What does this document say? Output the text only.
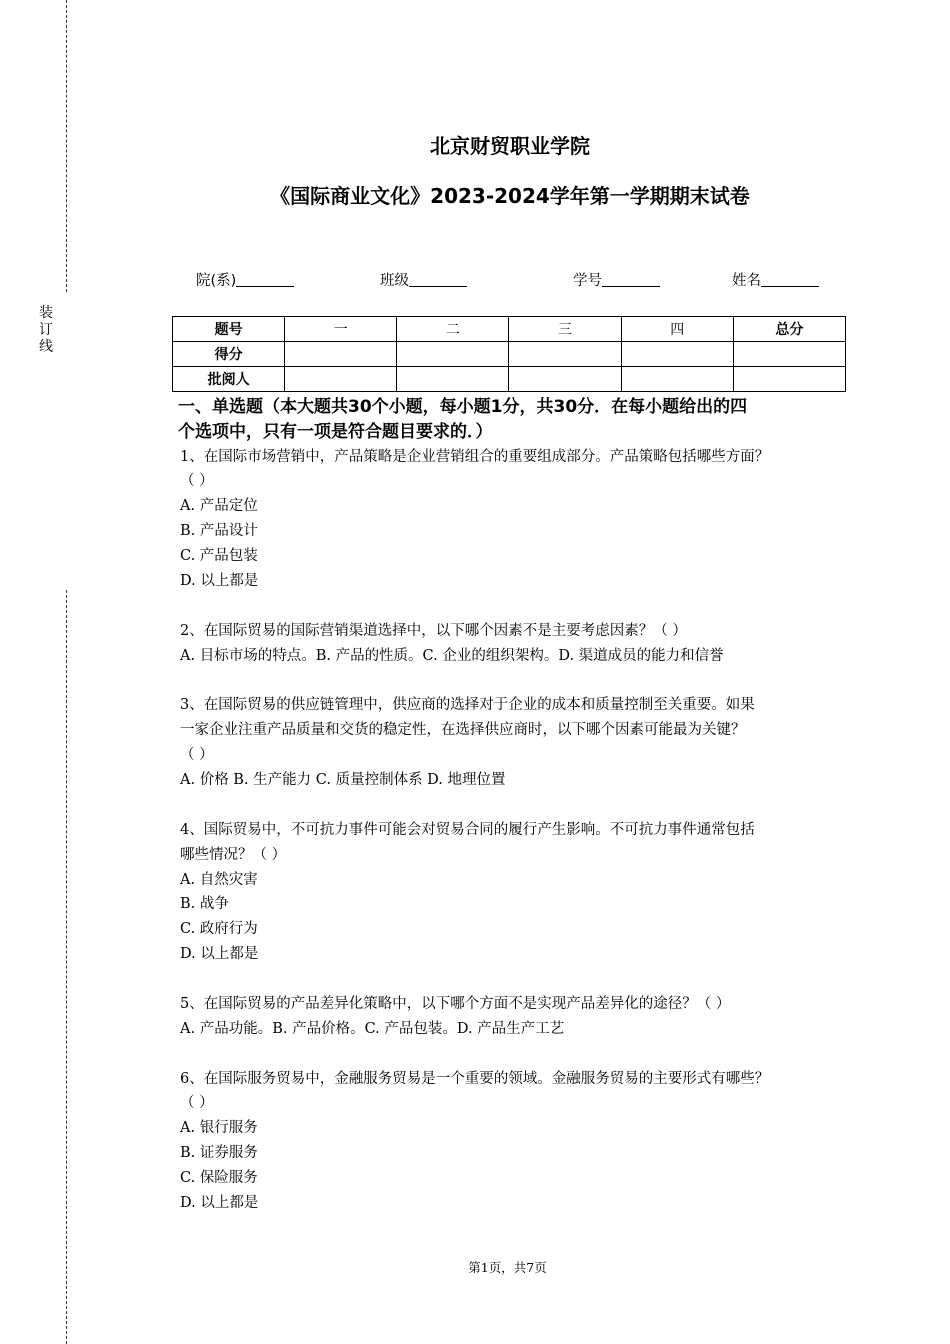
装
订
线
北京财贸职业学院
《国际商业文化》2023-2024学年第一学期期末试卷
院(系)	班级	学号	姓名
题号	一	二	三	四	总分
得分					
批阅人					
一、单选题（本大题共30个小题，每小题1分，共30分．在每小题给出的四
个选项中，只有一项是符合题目要求的．）
1、在国际市场营销中，产品策略是企业营销组合的重要组成部分。产品策略包括哪些方面？
（ ）
A. 产品定位
B. 产品设计
C. 产品包装
D. 以上都是
2、在国际贸易的国际营销渠道选择中，以下哪个因素不是主要考虑因素？（ ）
A. 目标市场的特点。B. 产品的性质。C. 企业的组织架构。D. 渠道成员的能力和信誉
3、在国际贸易的供应链管理中，供应商的选择对于企业的成本和质量控制至关重要。如果
一家企业注重产品质量和交货的稳定性，在选择供应商时，以下哪个因素可能最为关键？
（ ）
A. 价格 B. 生产能力 C. 质量控制体系 D. 地理位置
4、国际贸易中，不可抗力事件可能会对贸易合同的履行产生影响。不可抗力事件通常包括
哪些情况？（ ）
A. 自然灾害
B. 战争
C. 政府行为
D. 以上都是
5、在国际贸易的产品差异化策略中，以下哪个方面不是实现产品差异化的途径？（ ）
A. 产品功能。B. 产品价格。C. 产品包装。D. 产品生产工艺
6、在国际服务贸易中，金融服务贸易是一个重要的领域。金融服务贸易的主要形式有哪些？
（ ）
A. 银行服务
B. 证券服务
C. 保险服务
D. 以上都是
第1页，共7页
